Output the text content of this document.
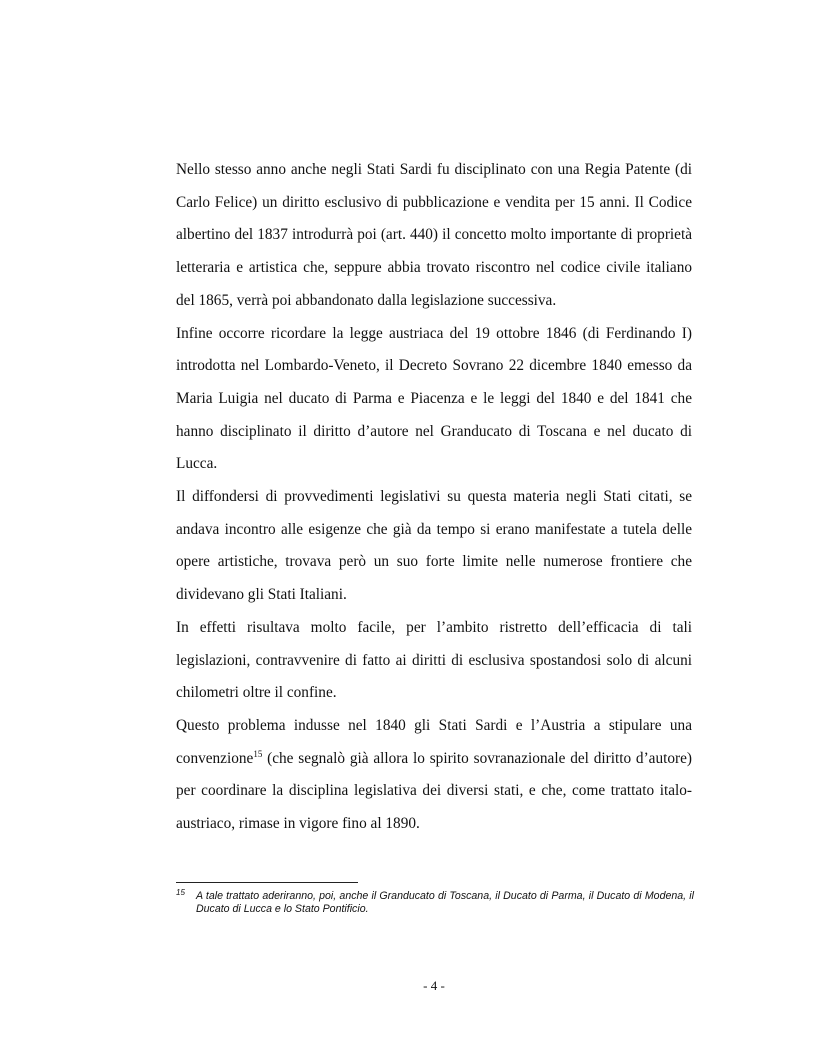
Nello stesso anno anche negli Stati Sardi fu disciplinato con una Regia Patente (di Carlo Felice) un diritto esclusivo di pubblicazione e vendita per 15 anni. Il Codice albertino del 1837 introdurrà poi (art. 440) il concetto molto importante di proprietà letteraria e artistica che, seppure abbia trovato riscontro nel codice civile italiano del 1865, verrà poi abbandonato dalla legislazione successiva.

Infine occorre ricordare la legge austriaca del 19 ottobre 1846 (di Ferdinando I) introdotta nel Lombardo-Veneto, il Decreto Sovrano 22 dicembre 1840 emesso da Maria Luigia nel ducato di Parma e Piacenza e le leggi del 1840 e del 1841 che hanno disciplinato il diritto d’autore nel Granducato di Toscana e nel ducato di Lucca.

Il diffondersi di provvedimenti legislativi su questa materia negli Stati citati, se andava incontro alle esigenze che già da tempo si erano manifestate a tutela delle opere artistiche, trovava però un suo forte limite nelle numerose frontiere che dividevano gli Stati Italiani.

In effetti risultava molto facile, per l’ambito ristretto dell’efficacia di tali legislazioni, contravvenire di fatto ai diritti di esclusiva spostandosi solo di alcuni chilometri oltre il confine.

Questo problema indusse nel 1840 gli Stati Sardi e l’Austria a stipulare una convenzione$^{15}$ (che segnalò già allora lo spirito sovranazionale del diritto d’autore) per coordinare la disciplina legislativa dei diversi stati, e che, come trattato italo-austriaco, rimase in vigore fino al 1890.

15 A tale trattato aderiranno, poi, anche il Granducato di Toscana, il Ducato di Parma, il Ducato di Modena, il Ducato di Lucca e lo Stato Pontificio.
- 4 -
